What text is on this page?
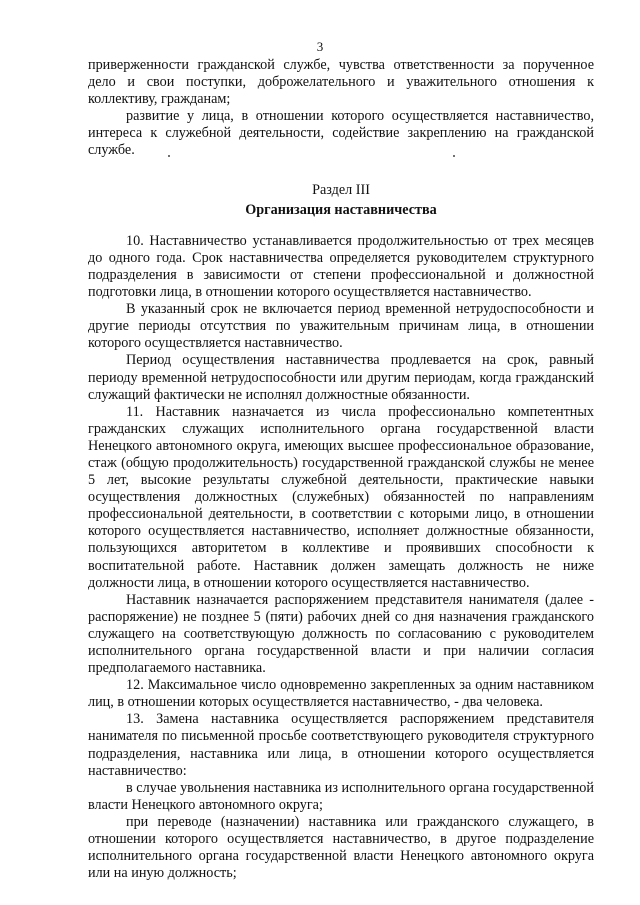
3

приверженности гражданской службе, чувства ответственности за порученное дело и свои поступки, доброжелательного и уважительного отношения к коллективу, гражданам;

развитие у лица, в отношении которого осуществляется наставничество, интереса к служебной деятельности, содействие закреплению на гражданской службе.

Раздел III
Организация наставничества

10. Наставничество устанавливается продолжительностью от трех месяцев до одного года. Срок наставничества определяется руководителем структурного подразделения в зависимости от степени профессиональной и должностной подготовки лица, в отношении которого осуществляется наставничество.

В указанный срок не включается период временной нетрудоспособности и другие периоды отсутствия по уважительным причинам лица, в отношении которого осуществляется наставничество.

Период осуществления наставничества продлевается на срок, равный периоду временной нетрудоспособности или другим периодам, когда гражданский служащий фактически не исполнял должностные обязанности.

11. Наставник назначается из числа профессионально компетентных гражданских служащих исполнительного органа государственной власти Ненецкого автономного округа, имеющих высшее профессиональное образование, стаж (общую продолжительность) государственной гражданской службы не менее 5 лет, высокие результаты служебной деятельности, практические навыки осуществления должностных (служебных) обязанностей по направлениям профессиональной деятельности, в соответствии с которыми лицо, в отношении которого осуществляется наставничество, исполняет должностные обязанности, пользующихся авторитетом в коллективе и проявивших способности к воспитательной работе. Наставник должен замещать должность не ниже должности лица, в отношении которого осуществляется наставничество.

Наставник назначается распоряжением представителя нанимателя (далее - распоряжение) не позднее 5 (пяти) рабочих дней со дня назначения гражданского служащего на соответствующую должность по согласованию с руководителем исполнительного органа государственной власти и при наличии согласия предполагаемого наставника.

12. Максимальное число одновременно закрепленных за одним наставником лиц, в отношении которых осуществляется наставничество, - два человека.

13. Замена наставника осуществляется распоряжением представителя нанимателя по письменной просьбе соответствующего руководителя структурного подразделения, наставника или лица, в отношении которого осуществляется наставничество:

в случае увольнения наставника из исполнительного органа государственной власти Ненецкого автономного округа;

при переводе (назначении) наставника или гражданского служащего, в отношении которого осуществляется наставничество, в другое подразделение исполнительного органа государственной власти Ненецкого автономного округа или на иную должность;
